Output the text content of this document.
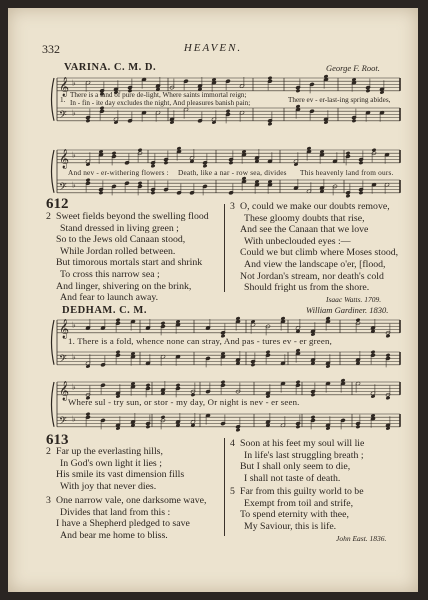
332	HEAVEN.
VARINA. C. M. D.	George F. Root.
𝄞 ♭
𝄢 ♭
1.
There is a land of pure de-light, Where saints immortal reign;
In - fin - ite day excludes the night, And pleasures banish pain;	There ev - er-last-ing spring abides,
𝄞 ♭
𝄢 ♭
And nev - er-withering flowers : Death, like a nar - row sea, divides This heavenly land from ours.
612
2 Sweet fields beyond the swelling flood
Stand dressed in living green ;
So to the Jews old Canaan stood,
While Jordan rolled between.
But timorous mortals start and shrink
To cross this narrow sea ;
And linger, shivering on the brink,
And fear to launch away.
3 O, could we make our doubts remove,
These gloomy doubts that rise,
And see the Canaan that we love
With unbeclouded eyes :—
Could we but climb where Moses stood,
And view the landscape o'er, [flood,
Not Jordan's stream, nor death's cold
Should fright us from the shore.
Isaac Watts. 1709.
DEDHAM. C. M.	William Gardiner. 1830.
𝄞 ♭
𝄢 ♭
1. There is a fold, whence none can stray, And pas - tures ev - er green,
𝄞 ♭
𝄢 ♭
Where sul - try sun, or stor - my day, Or night is nev - er seen.
613
2 Far up the everlasting hills,
In God's own light it lies ;
His smile its vast dimension fills
With joy that never dies.
3 One narrow vale, one darksome wave,
Divides that land from this :
I have a Shepherd pledged to save
And bear me home to bliss.
4 Soon at his feet my soul will lie
In life's last struggling breath ;
But I shall only seem to die,
I shall not taste of death.
5 Far from this guilty world to be
Exempt from toil and strife,
To spend eternity with thee,
My Saviour, this is life.
John East. 1836.
